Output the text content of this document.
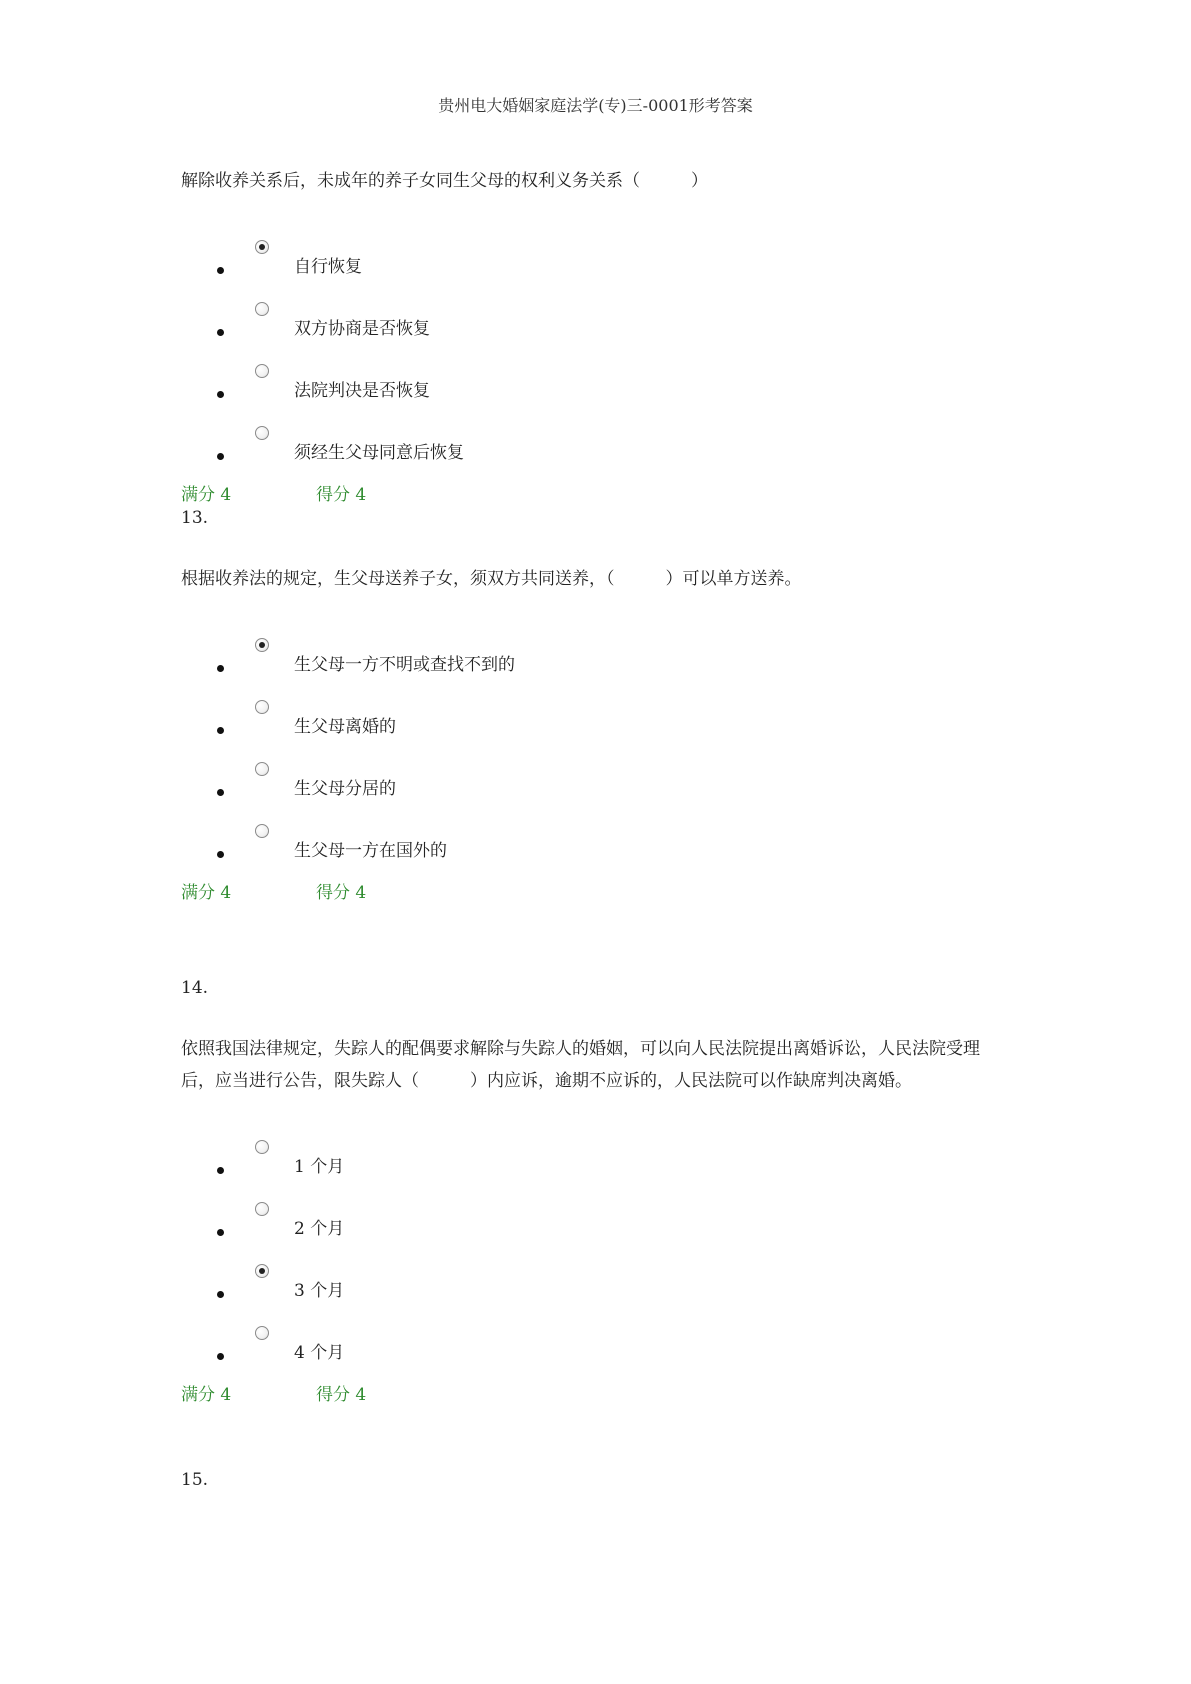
贵州电大婚姻家庭法学(专)三-0001形考答案

解除收养关系后，未成年的养子女同生父母的权利义务关系（　　　）

自行恢复
双方协商是否恢复
法院判决是否恢复
须经生父母同意后恢复
满分 4	得分 4

13.

根据收养法的规定，生父母送养子女，须双方共同送养，（　　　）可以单方送养。

生父母一方不明或查找不到的
生父母离婚的
生父母分居的
生父母一方在国外的
满分 4	得分 4

14.

依照我国法律规定，失踪人的配偶要求解除与失踪人的婚姻，可以向人民法院提出离婚诉讼，人民法院受理后，应当进行公告，限失踪人（　　　）内应诉，逾期不应诉的，人民法院可以作缺席判决离婚。

1 个月
2 个月
3 个月
4 个月
满分 4	得分 4

15.
